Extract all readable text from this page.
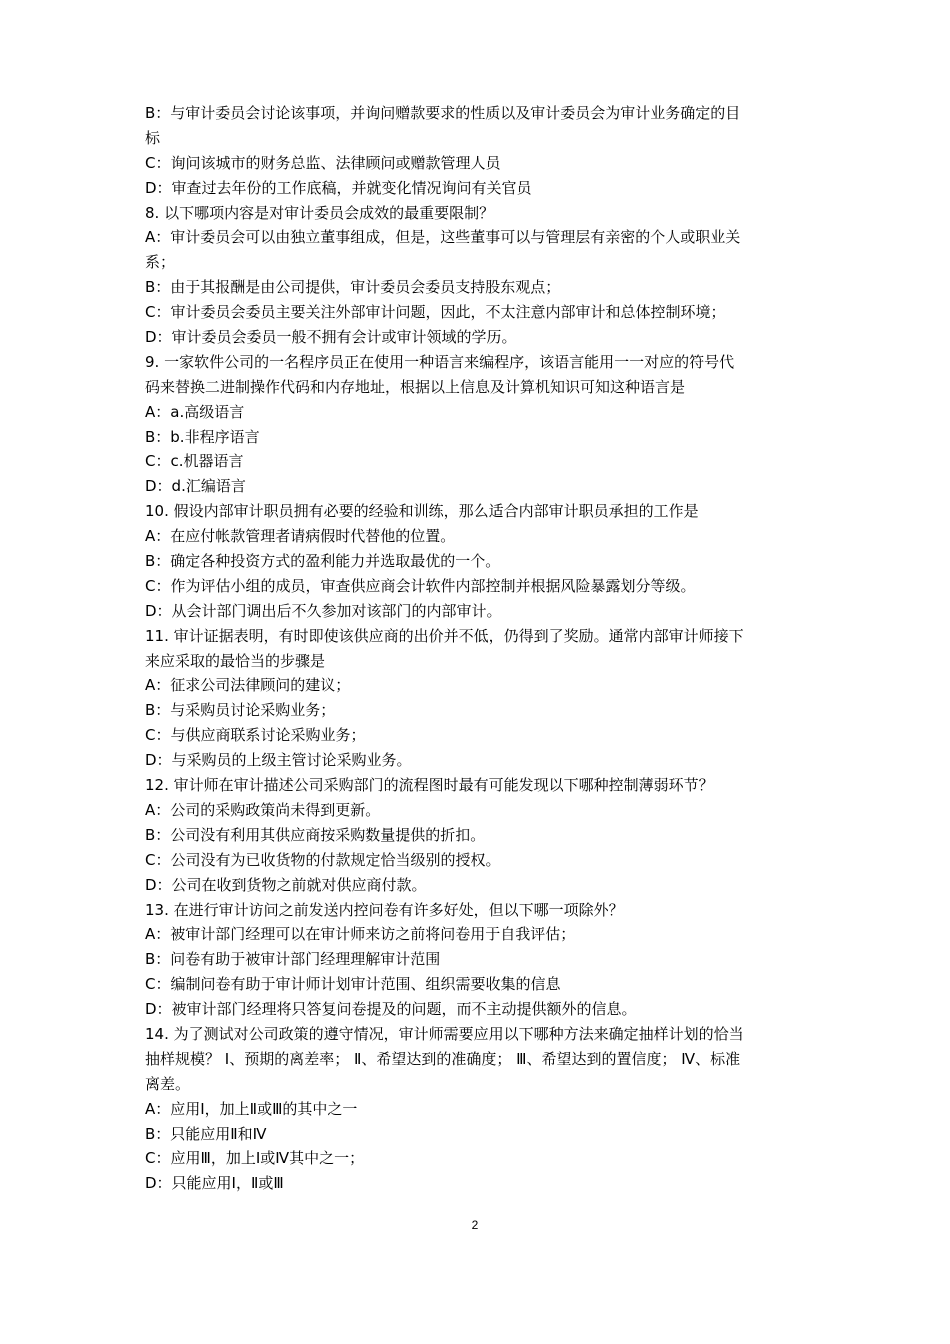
B：与审计委员会讨论该事项，并询问赠款要求的性质以及审计委员会为审计业务确定的目
标
C：询问该城市的财务总监、法律顾问或赠款管理人员
D：审查过去年份的工作底稿，并就变化情况询问有关官员
8. 以下哪项内容是对审计委员会成效的最重要限制？
A：审计委员会可以由独立董事组成，但是，这些董事可以与管理层有亲密的个人或职业关
系；
B：由于其报酬是由公司提供，审计委员会委员支持股东观点；
C：审计委员会委员主要关注外部审计问题，因此，不太注意内部审计和总体控制环境；
D：审计委员会委员一般不拥有会计或审计领域的学历。
9. 一家软件公司的一名程序员正在使用一种语言来编程序，该语言能用一一对应的符号代
码来替换二进制操作代码和内存地址，根据以上信息及计算机知识可知这种语言是
A：a.高级语言
B：b.非程序语言
C：c.机器语言
D：d.汇编语言
10. 假设内部审计职员拥有必要的经验和训练，那么适合内部审计职员承担的工作是
A：在应付帐款管理者请病假时代替他的位置。
B：确定各种投资方式的盈利能力并选取最优的一个。
C：作为评估小组的成员，审查供应商会计软件内部控制并根据风险暴露划分等级。
D：从会计部门调出后不久参加对该部门的内部审计。
11. 审计证据表明，有时即使该供应商的出价并不低，仍得到了奖励。通常内部审计师接下
来应采取的最恰当的步骤是
A：征求公司法律顾问的建议；
B：与采购员讨论采购业务；
C：与供应商联系讨论采购业务；
D：与采购员的上级主管讨论采购业务。
12. 审计师在审计描述公司采购部门的流程图时最有可能发现以下哪种控制薄弱环节？
A：公司的采购政策尚未得到更新。
B：公司没有利用其供应商按采购数量提供的折扣。
C：公司没有为已收货物的付款规定恰当级别的授权。
D：公司在收到货物之前就对供应商付款。
13. 在进行审计访问之前发送内控问卷有许多好处，但以下哪一项除外？
A：被审计部门经理可以在审计师来访之前将问卷用于自我评估；
B：问卷有助于被审计部门经理理解审计范围
C：编制问卷有助于审计师计划审计范围、组织需要收集的信息
D：被审计部门经理将只答复问卷提及的问题，而不主动提供额外的信息。
14. 为了测试对公司政策的遵守情况，审计师需要应用以下哪种方法来确定抽样计划的恰当
抽样规模？ Ⅰ、预期的离差率； Ⅱ、希望达到的准确度； Ⅲ、希望达到的置信度； Ⅳ、标准
离差。
A：应用Ⅰ，加上Ⅱ或Ⅲ的其中之一
B：只能应用Ⅱ和Ⅳ
C：应用Ⅲ，加上Ⅰ或Ⅳ其中之一；
D：只能应用Ⅰ，Ⅱ或Ⅲ
2
